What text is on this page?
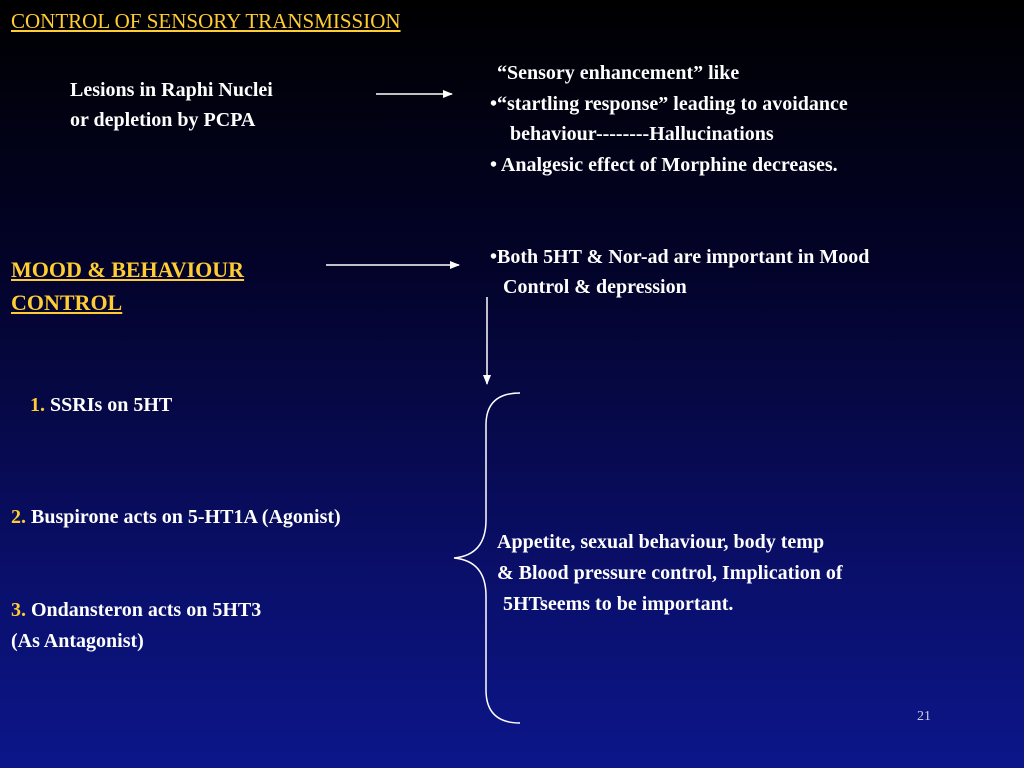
CONTROL OF SENSORY TRANSMISSION
Lesions in Raphi Nuclei
or depletion by PCPA
“Sensory enhancement” like
•“startling response” leading to avoidance
behaviour--------Hallucinations
• Analgesic effect of Morphine decreases.
MOOD & BEHAVIOUR
CONTROL
•Both 5HT & Nor-ad are important in Mood
Control & depression
1. SSRIs on 5HT
2. Buspirone acts on 5-HT1A (Agonist)
3. Ondansteron acts on 5HT3
(As Antagonist)
Appetite, sexual behaviour, body temp
& Blood pressure control, Implication of
5HTseems to be important.
21
